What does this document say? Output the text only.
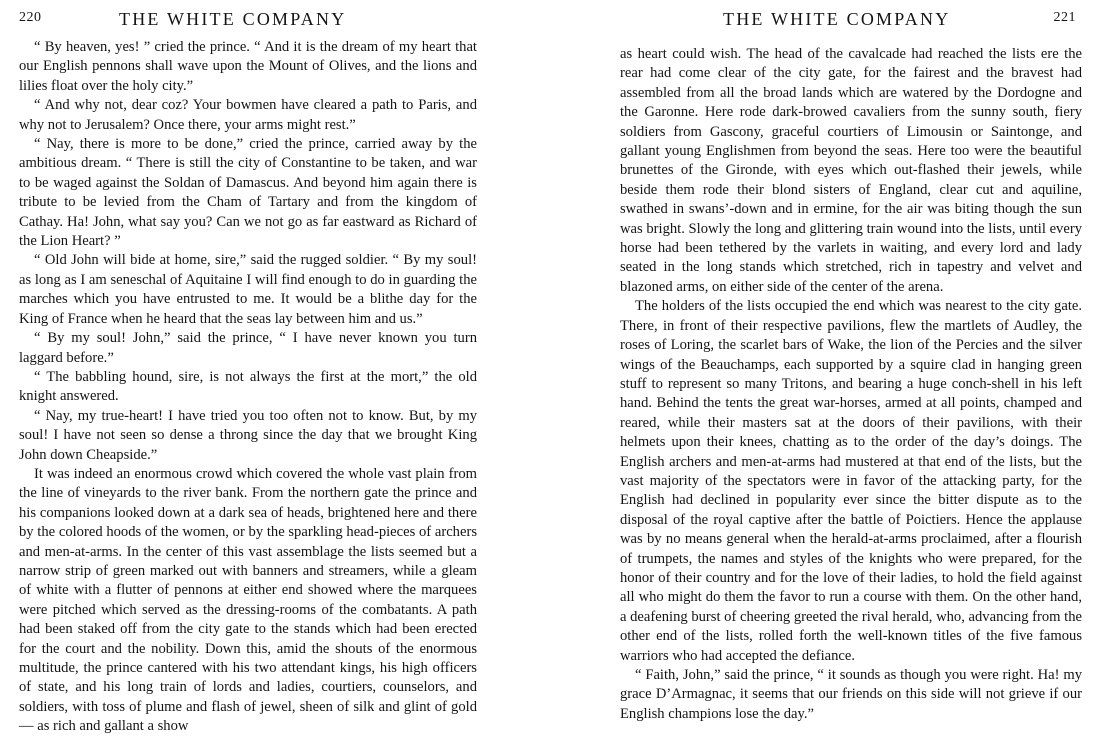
220	THE WHITE COMPANY

“ By heaven, yes! ” cried the prince. “ And it is the dream of my heart that our English pennons shall wave upon the Mount of Olives, and the lions and lilies float over the holy city.”

“ And why not, dear coz? Your bowmen have cleared a path to Paris, and why not to Jerusalem? Once there, your arms might rest.”

“ Nay, there is more to be done,” cried the prince, carried away by the ambitious dream. “ There is still the city of Constantine to be taken, and war to be waged against the Soldan of Damascus. And beyond him again there is tribute to be levied from the Cham of Tartary and from the kingdom of Cathay. Ha! John, what say you? Can we not go as far eastward as Richard of the Lion Heart? ”

“ Old John will bide at home, sire,” said the rugged soldier. “ By my soul! as long as I am seneschal of Aquitaine I will find enough to do in guarding the marches which you have entrusted to me. It would be a blithe day for the King of France when he heard that the seas lay between him and us.”

“ By my soul! John,” said the prince, “ I have never known you turn laggard before.”

“ The babbling hound, sire, is not always the first at the mort,” the old knight answered.

“ Nay, my true-heart! I have tried you too often not to know. But, by my soul! I have not seen so dense a throng since the day that we brought King John down Cheapside.”

It was indeed an enormous crowd which covered the whole vast plain from the line of vineyards to the river bank. From the northern gate the prince and his companions looked down at a dark sea of heads, brightened here and there by the colored hoods of the women, or by the sparkling head-pieces of archers and men-at-arms. In the center of this vast assemblage the lists seemed but a narrow strip of green marked out with banners and streamers, while a gleam of white with a flutter of pennons at either end showed where the marquees were pitched which served as the dressing-rooms of the combatants. A path had been staked off from the city gate to the stands which had been erected for the court and the nobility. Down this, amid the shouts of the enormous multitude, the prince cantered with his two attendant kings, his high officers of state, and his long train of lords and ladies, courtiers, counselors, and soldiers, with toss of plume and flash of jewel, sheen of silk and glint of gold — as rich and gallant a show

THE WHITE COMPANY	221

as heart could wish. The head of the cavalcade had reached the lists ere the rear had come clear of the city gate, for the fairest and the bravest had assembled from all the broad lands which are watered by the Dordogne and the Garonne. Here rode dark-browed cavaliers from the sunny south, fiery soldiers from Gascony, graceful courtiers of Limousin or Saintonge, and gallant young Englishmen from beyond the seas. Here too were the beautiful brunettes of the Gironde, with eyes which out-flashed their jewels, while beside them rode their blond sisters of England, clear cut and aquiline, swathed in swans’-down and in ermine, for the air was biting though the sun was bright. Slowly the long and glittering train wound into the lists, until every horse had been tethered by the varlets in waiting, and every lord and lady seated in the long stands which stretched, rich in tapestry and velvet and blazoned arms, on either side of the center of the arena.

The holders of the lists occupied the end which was nearest to the city gate. There, in front of their respective pavilions, flew the martlets of Audley, the roses of Loring, the scarlet bars of Wake, the lion of the Percies and the silver wings of the Beauchamps, each supported by a squire clad in hanging green stuff to represent so many Tritons, and bearing a huge conch-shell in his left hand. Behind the tents the great war-horses, armed at all points, champed and reared, while their masters sat at the doors of their pavilions, with their helmets upon their knees, chatting as to the order of the day’s doings. The English archers and men-at-arms had mustered at that end of the lists, but the vast majority of the spectators were in favor of the attacking party, for the English had declined in popularity ever since the bitter dispute as to the disposal of the royal captive after the battle of Poictiers. Hence the applause was by no means general when the herald-at-arms proclaimed, after a flourish of trumpets, the names and styles of the knights who were prepared, for the honor of their country and for the love of their ladies, to hold the field against all who might do them the favor to run a course with them. On the other hand, a deafening burst of cheering greeted the rival herald, who, advancing from the other end of the lists, rolled forth the well-known titles of the five famous warriors who had accepted the defiance.

“ Faith, John,” said the prince, “ it sounds as though you were right. Ha! my grace D’Armagnac, it seems that our friends on this side will not grieve if our English champions lose the day.”
